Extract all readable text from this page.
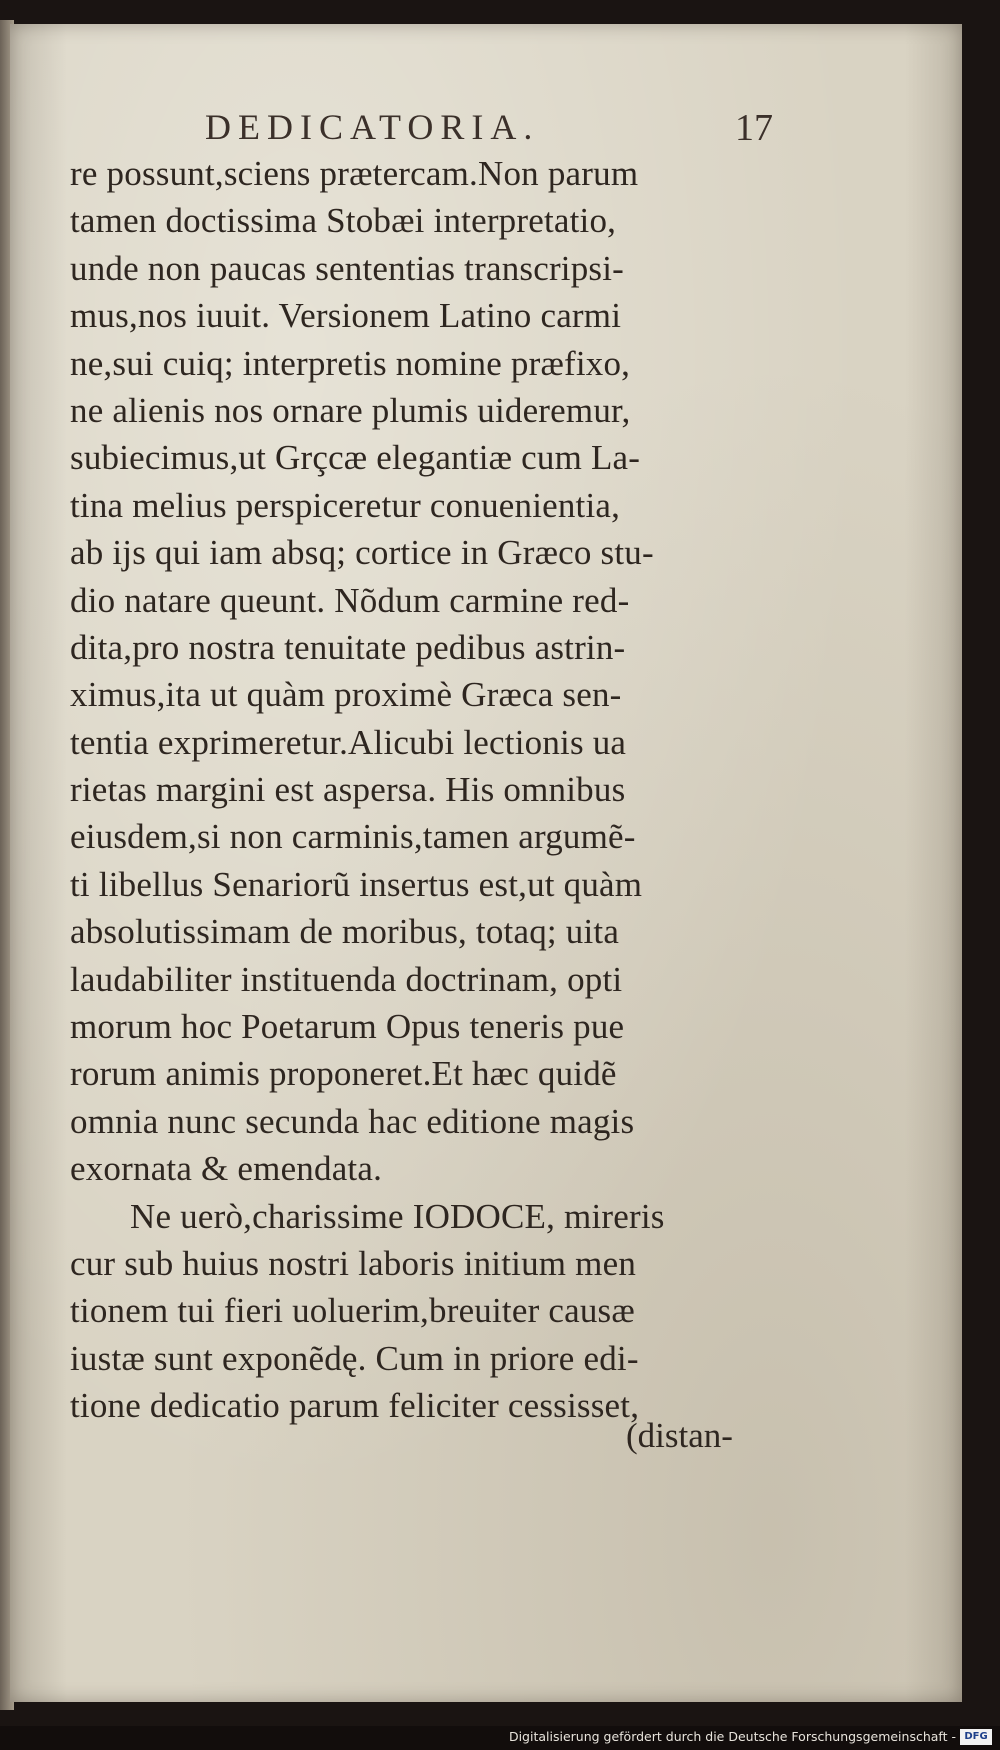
DEDICATORIA.	17
re possunt,sciens prætercam.Non parum
tamen doctissima Stobæi interpretatio,
unde non paucas sententias transcripsi-
mus,nos iuuit. Versionem Latino carmi
ne,sui cuiq; interpretis nomine præfixo,
ne alienis nos ornare plumis uideremur,
subiecimus,ut Grçcæ elegantiæ cum La-
tina melius perspiceretur conuenientia,
ab ijs qui iam absq; cortice in Græco stu-
dio natare queunt. Nõdum carmine red-
dita,pro nostra tenuitate pedibus astrin-
ximus,ita ut quàm proximè Græca sen-
tentia exprimeretur.Alicubi lectionis ua
rietas margini est aspersa. His omnibus
eiusdem,si non carminis,tamen argumẽ-
ti libellus Senariorũ insertus est,ut quàm
absolutissimam de moribus, totaq; uita
laudabiliter instituenda doctrinam, opti
morum hoc Poetarum Opus teneris pue
rorum animis proponeret.Et hæc quidẽ
omnia nunc secunda hac editione magis
exornata & emendata.
Ne uerò,charissime IODOCE, mireris
cur sub huius nostri laboris initium men
tionem tui fieri uoluerim,breuiter causæ
iustæ sunt exponẽdę. Cum in priore edi-
tione dedicatio parum feliciter cessisset,
(distan-
Digitalisierung gefördert durch die Deutsche Forschungsgemeinschaft - DFG
